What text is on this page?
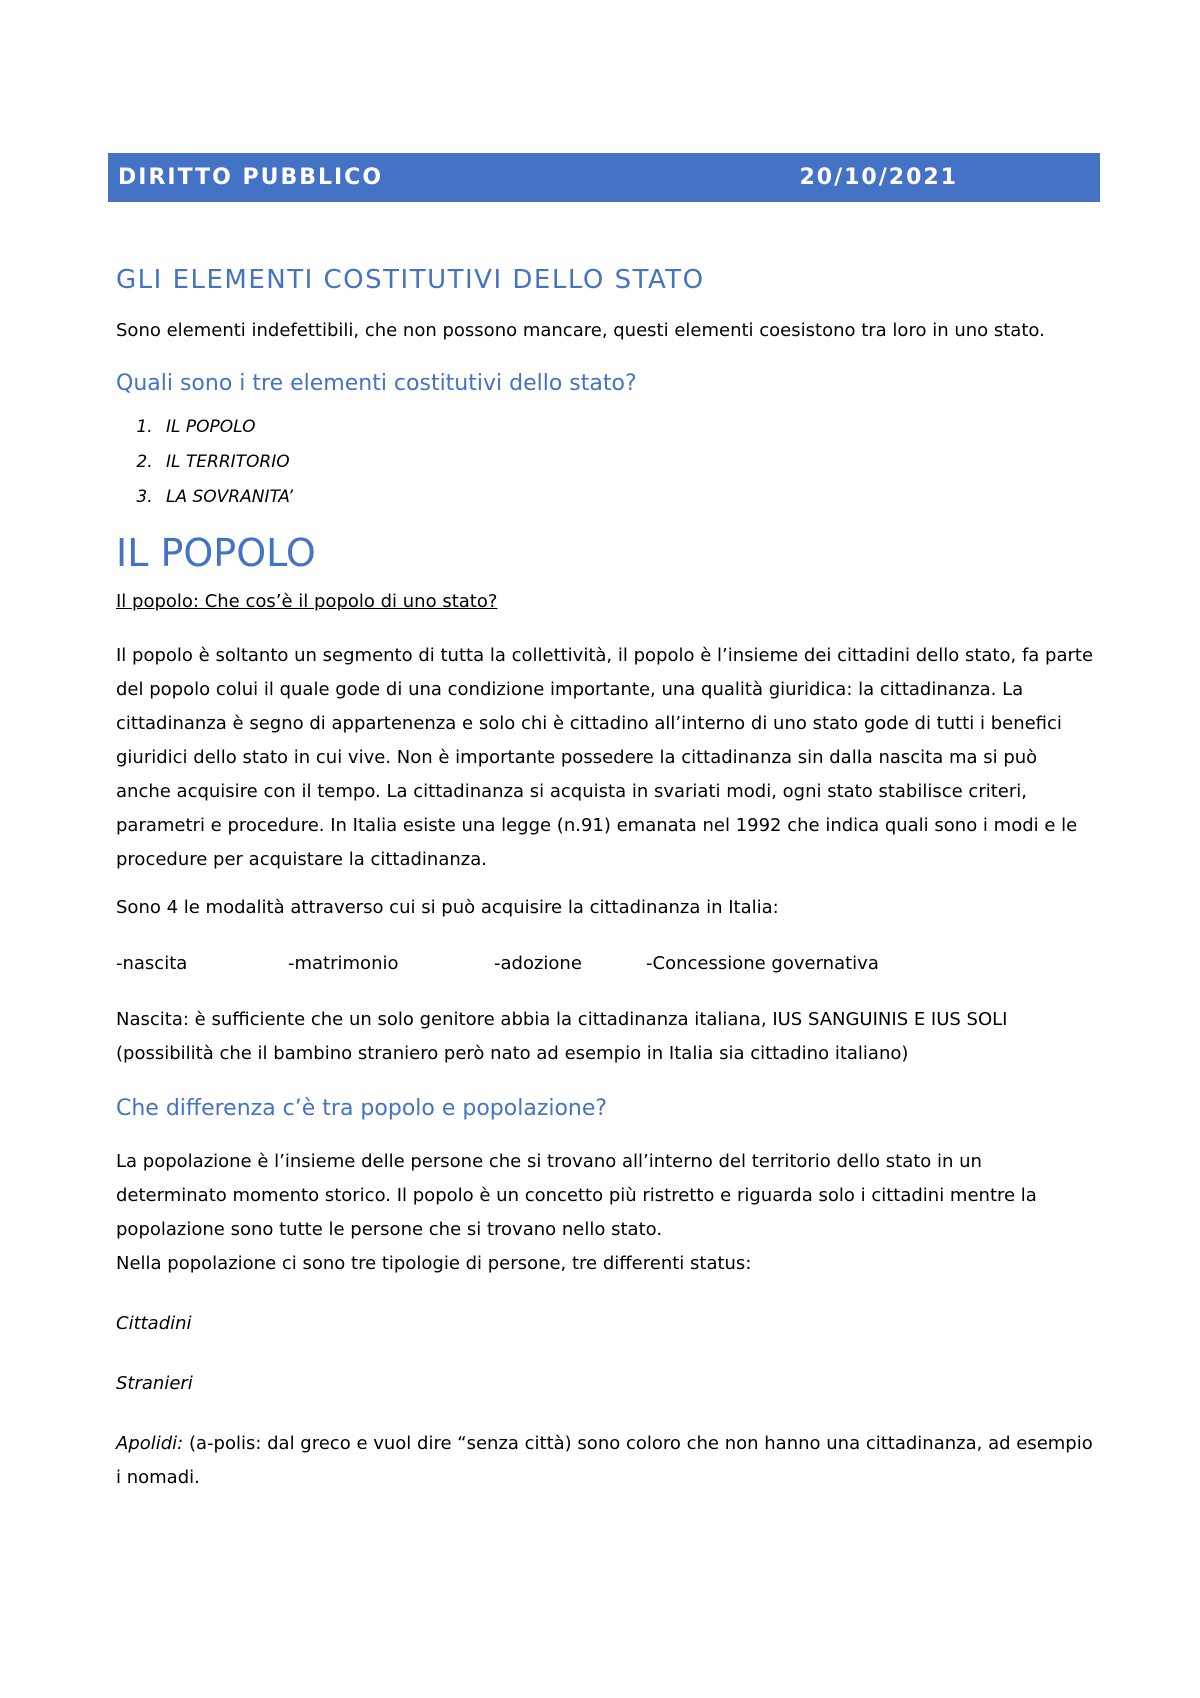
DIRITTO PUBBLICO	20/10/2021
GLI ELEMENTI COSTITUTIVI DELLO STATO

Sono elementi indefettibili, che non possono mancare, questi elementi coesistono tra loro in uno stato.

Quali sono i tre elementi costitutivi dello stato?
1. IL POPOLO
2. IL TERRITORIO
3. LA SOVRANITA’
IL POPOLO

Il popolo: Che cos’è il popolo di uno stato?

Il popolo è soltanto un segmento di tutta la collettività, il popolo è l’insieme dei cittadini dello stato, fa parte del popolo colui il quale gode di una condizione importante, una qualità giuridica: la cittadinanza. La cittadinanza è segno di appartenenza e solo chi è cittadino all’interno di uno stato gode di tutti i benefici giuridici dello stato in cui vive. Non è importante possedere la cittadinanza sin dalla nascita ma si può anche acquisire con il tempo. La cittadinanza si acquista in svariati modi, ogni stato stabilisce criteri, parametri e procedure. In Italia esiste una legge (n.91) emanata nel 1992 che indica quali sono i modi e le procedure per acquistare la cittadinanza.

Sono 4 le modalità attraverso cui si può acquisire la cittadinanza in Italia:

-nascita	-matrimonio	-adozione	-Concessione governativa

Nascita: è sufficiente che un solo genitore abbia la cittadinanza italiana, IUS SANGUINIS E IUS SOLI (possibilità che il bambino straniero però nato ad esempio in Italia sia cittadino italiano)

Che differenza c’è tra popolo e popolazione?

La popolazione è l’insieme delle persone che si trovano all’interno del territorio dello stato in un determinato momento storico. Il popolo è un concetto più ristretto e riguarda solo i cittadini mentre la popolazione sono tutte le persone che si trovano nello stato.

Nella popolazione ci sono tre tipologie di persone, tre differenti status:

Cittadini

Stranieri

Apolidi: (a-polis: dal greco e vuol dire “senza città) sono coloro che non hanno una cittadinanza, ad esempio i nomadi.
